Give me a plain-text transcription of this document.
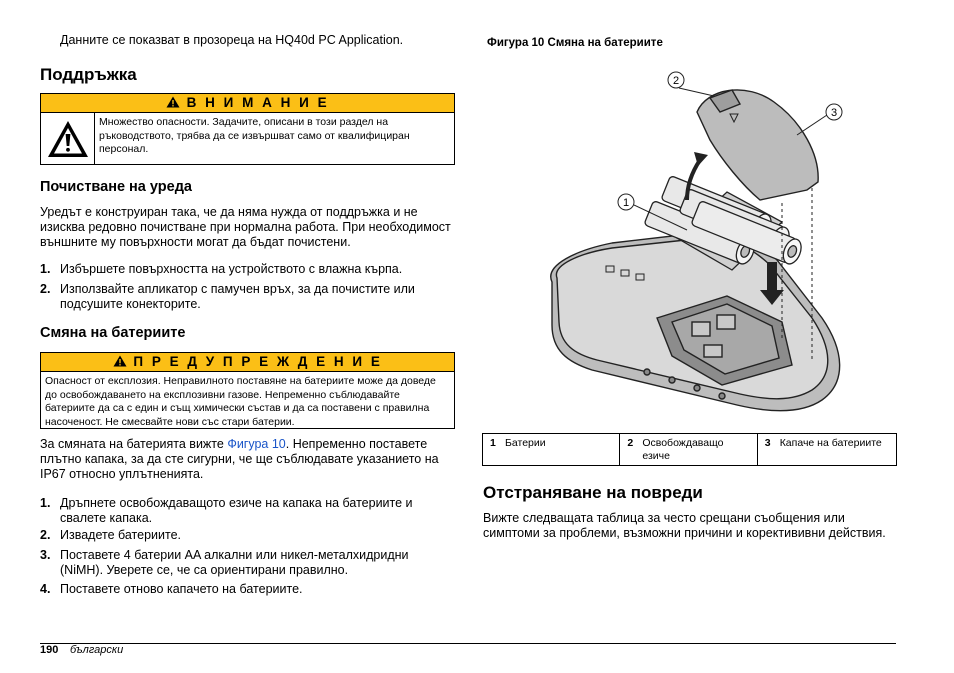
Данните се показват в прозореца на HQ40d PC Application.
Поддръжка
В Н И М А Н И Е
Множество опасности. Задачите, описани в този раздел на ръководството, трябва да се извършват само от квалифициран персонал.
Почистване на уреда
Уредът е конструиран така, че да няма нужда от поддръжка и не изисква редовно почистване при нормална работа. При необходимост външните му повърхности могат да бъдат почистени.
1. Избършете повърхността на устройството с влажна кърпа.
2. Използвайте апликатор с памучен връх, за да почистите или подсушите конекторите.
Смяна на батериите
П Р Е Д У П Р Е Ж Д Е Н И Е
Опасност от експлозия. Неправилното поставяне на батериите може да доведе до освобождаването на експлозивни газове. Непременно съблюдавайте батериите да са с един и същ химически състав и да са поставени с правилна насоченост. Не смесвайте нови със стари батерии.
За смяната на батерията вижте Фигура 10. Непременно поставете плътно капака, за да сте сигурни, че ще съблюдавате указанието на IP67 относно уплътненията.
1. Дръпнете освобождаващото езиче на капака на батериите и свалете капака.
2. Извадете батериите.
3. Поставете 4 батерии AA алкални или никел-металхидридни (NiMH). Уверете се, че са ориентирани правилно.
4. Поставете отново капачето на батериите.
Фигура 10 Смяна на батериите
1
2
3
1 Батерии	2 Освобождаващо езиче
3 Капаче на батериите
Отстраняване на повреди
Вижте следващата таблица за често срещани съобщения или симптоми за проблеми, възможни причини и коректививни действия.
190 български
